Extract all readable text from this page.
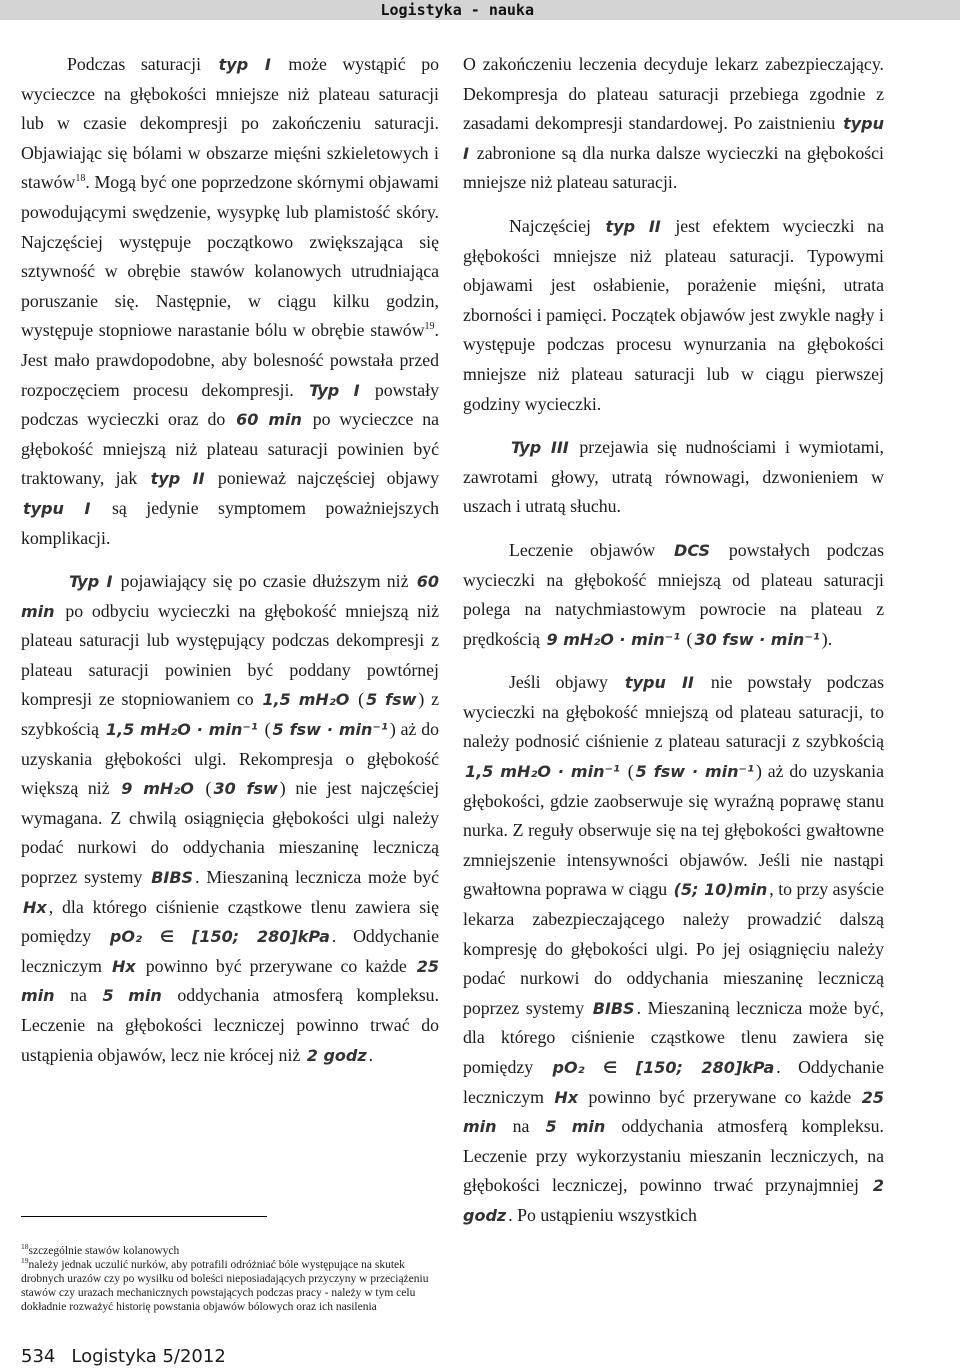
Logistyka - nauka

Podczas saturacji typ I może wystąpić po wycieczce na głębokości mniejsze niż plateau saturacji lub w czasie dekompresji po zakończeniu saturacji. Objawiając się bólami w obszarze mięśni szkieletowych i stawów$^{18}$. Mogą być one poprzedzone skórnymi objawami powodującymi swędzenie, wysypkę lub plamistość skóry. Najczęściej występuje początkowo zwiększająca się sztywność w obrębie stawów kolanowych utrudniająca poruszanie się. Następnie, w ciągu kilku godzin, występuje stopniowe narastanie bólu w obrębie stawów$^{19}$. Jest mało prawdopodobne, aby bolesność powstała przed rozpoczęciem procesu dekompresji. Typ I powstały podczas wycieczki oraz do 60 min po wycieczce na głębokość mniejszą niż plateau saturacji powinien być traktowany, jak typ II ponieważ najczęściej objawy typu I są jedynie symptomem poważniejszych komplikacji.

Typ I pojawiający się po czasie dłuższym niż 60 min po odbyciu wycieczki na głębokość mniejszą niż plateau saturacji lub występujący podczas dekompresji z plateau saturacji powinien być poddany powtórnej kompresji ze stopniowaniem co 1,5 mH₂O ( 5 fsw ) z szybkością 1,5 mH₂O · min⁻¹ ( 5 fsw · min⁻¹ ) aż do uzyskania głębokości ulgi. Rekompresja o głębokość większą niż 9 mH₂O ( 30 fsw ) nie jest najczęściej wymagana. Z chwilą osiągnięcia głębokości ulgi należy podać nurkowi do oddychania mieszaninę leczniczą poprzez systemy BIBS . Mieszaniną lecznicza może być Hx , dla którego ciśnienie cząstkowe tlenu zawiera się pomiędzy pO₂ ∈ [150; 280]kPa . Oddychanie leczniczym Hx powinno być przerywane co każde 25 min na 5 min oddychania atmosferą kompleksu. Leczenie na głębokości leczniczej powinno trwać do ustąpienia objawów, lecz nie krócej niż 2 godz .

$^{18}$szczególnie stawów kolanowych

$^{19}$należy jednak uczulić nurków, aby potrafili odróżniać bóle występujące na skutek drobnych urazów czy po wysiłku od boleści nieposiadających przyczyny w przeciążeniu stawów czy urazach mechanicznych powstających podczas pracy - należy w tym celu dokładnie rozważyć historię powstania objawów bólowych oraz ich nasilenia

O zakończeniu leczenia decyduje lekarz zabezpieczający. Dekompresja do plateau saturacji przebiega zgodnie z zasadami dekompresji standardowej. Po zaistnieniu typu I zabronione są dla nurka dalsze wycieczki na głębokości mniejsze niż plateau saturacji.

Najczęściej typ II jest efektem wycieczki na głębokości mniejsze niż plateau saturacji. Typowymi objawami jest osłabienie, porażenie mięśni, utrata zborności i pamięci. Początek objawów jest zwykle nagły i występuje podczas procesu wynurzania na głębokości mniejsze niż plateau saturacji lub w ciągu pierwszej godziny wycieczki.

Typ III przejawia się nudnościami i wymiotami, zawrotami głowy, utratą równowagi, dzwonieniem w uszach i utratą słuchu.

Leczenie objawów DCS powstałych podczas wycieczki na głębokość mniejszą od plateau saturacji polega na natychmiastowym powrocie na plateau z prędkością 9 mH₂O · min⁻¹ ( 30 fsw · min⁻¹ ).

Jeśli objawy typu II nie powstały podczas wycieczki na głębokość mniejszą od plateau saturacji, to należy podnosić ciśnienie z plateau saturacji z szybkością 1,5 mH₂O · min⁻¹ ( 5 fsw · min⁻¹ ) aż do uzyskania głębokości, gdzie zaobserwuje się wyraźną poprawę stanu nurka. Z reguły obserwuje się na tej głębokości gwałtowne zmniejszenie intensywności objawów. Jeśli nie nastąpi gwałtowna poprawa w ciągu (5; 10)min , to przy asyście lekarza zabezpieczającego należy prowadzić dalszą kompresję do głębokości ulgi. Po jej osiągnięciu należy podać nurkowi do oddychania mieszaninę leczniczą poprzez systemy BIBS . Mieszaniną lecznicza może być, dla którego ciśnienie cząstkowe tlenu zawiera się pomiędzy pO₂ ∈ [150; 280]kPa . Oddychanie leczniczym Hx powinno być przerywane co każde 25 min na 5 min oddychania atmosferą kompleksu. Leczenie przy wykorzystaniu mieszanin leczniczych, na głębokości leczniczej, powinno trwać przynajmniej 2 godz . Po ustąpieniu wszystkich

534 Logistyka 5/2012
